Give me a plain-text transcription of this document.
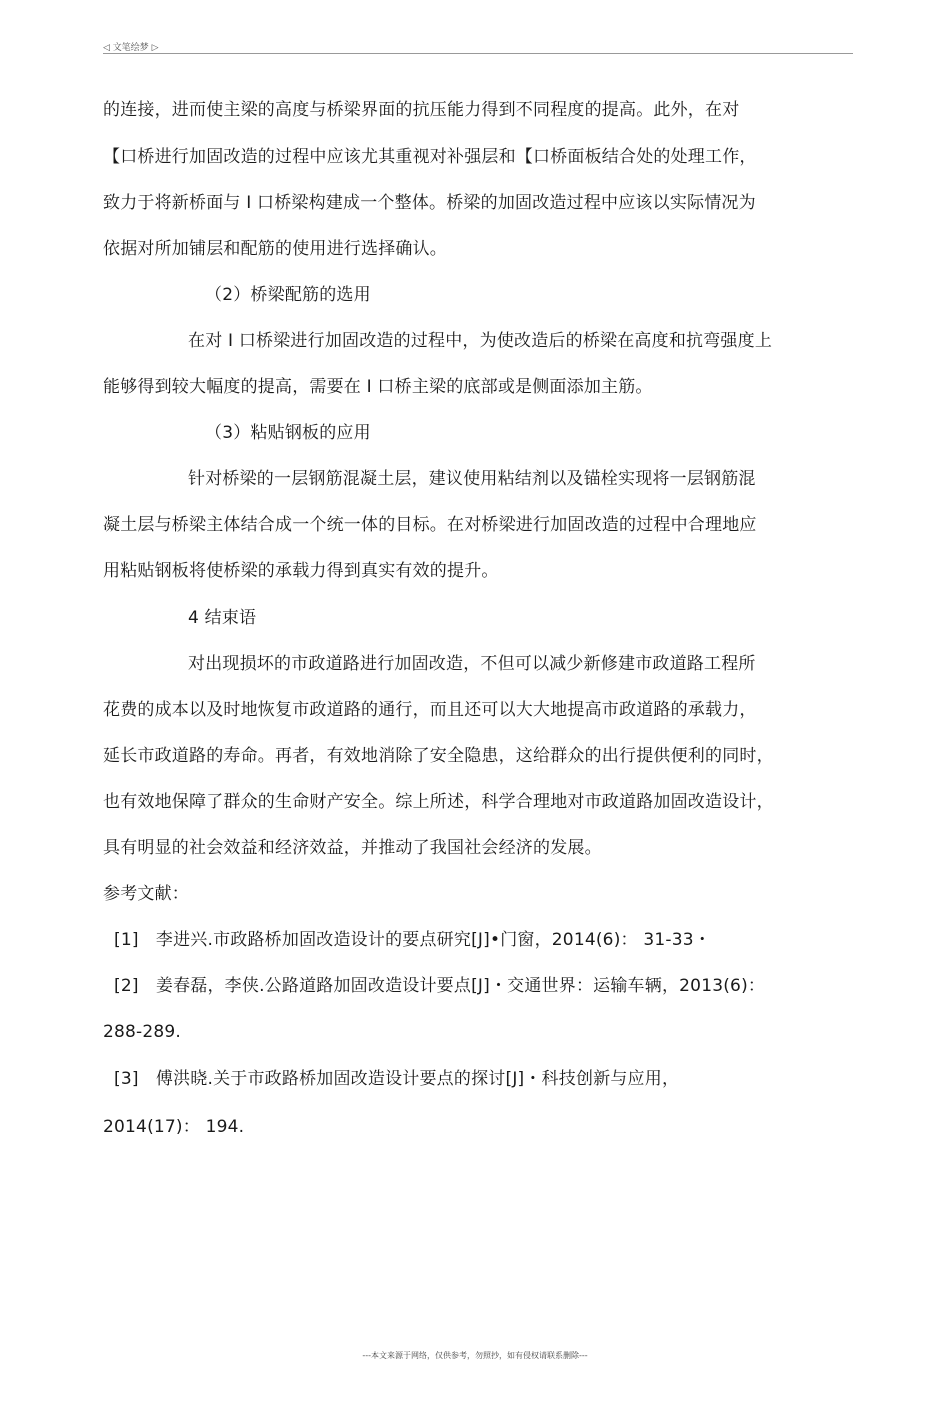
◁ 文笔绘梦 ▷
的连接，进而使主梁的高度与桥梁界面的抗压能力得到不同程度的提高。此外，在对
【口桥进行加固改造的过程中应该尤其重视对补强层和【口桥面板结合处的处理工作，
致力于将新桥面与 I 口桥梁构建成一个整体。桥梁的加固改造过程中应该以实际情况为
依据对所加铺层和配筋的使用进行选择确认。
（2）桥梁配筋的选用
在对 I 口桥梁进行加固改造的过程中，为使改造后的桥梁在高度和抗弯强度上
能够得到较大幅度的提高，需要在 I 口桥主梁的底部或是侧面添加主筋。
（3）粘贴钢板的应用
针对桥梁的一层钢筋混凝土层，建议使用粘结剂以及锚栓实现将一层钢筋混
凝土层与桥梁主体结合成一个统一体的目标。在对桥梁进行加固改造的过程中合理地应
用粘贴钢板将使桥梁的承载力得到真实有效的提升。
4 结束语
对出现损坏的市政道路进行加固改造，不但可以减少新修建市政道路工程所
花费的成本以及时地恢复市政道路的通行，而且还可以大大地提高市政道路的承载力，
延长市政道路的寿命。再者，有效地消除了安全隐患，这给群众的出行提供便利的同时，
也有效地保障了群众的生命财产安全。综上所述，科学合理地对市政道路加固改造设计，
具有明显的社会效益和经济效益，并推动了我国社会经济的发展。
参考文献：
[1]　李进兴.市政路桥加固改造设计的要点研究[J]•门窗，2014(6)： 31-33・
[2]　姜春磊，李侠.公路道路加固改造设计要点[J]・交通世界：运输车辆，2013(6)：
288-289.
[3]　傅洪晓.关于市政路桥加固改造设计要点的探讨[J]・科技创新与应用，
2014(17)： 194.
---本文来源于网络，仅供参考，勿照抄，如有侵权请联系删除---
